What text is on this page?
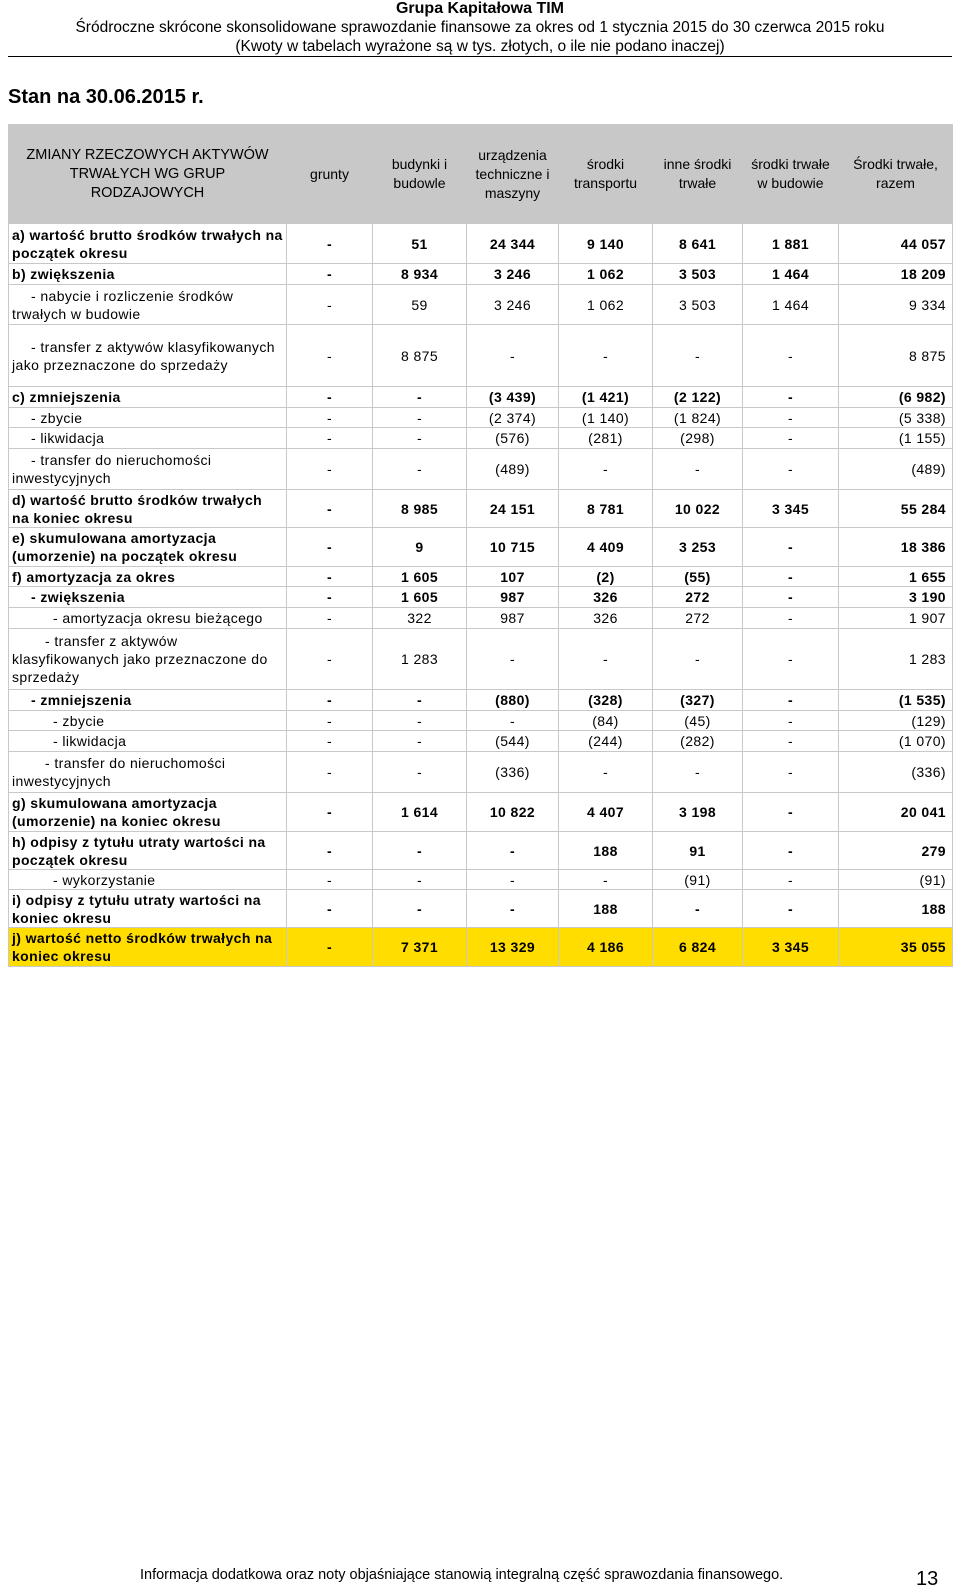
Grupa Kapitałowa TIM
Śródroczne skrócone skonsolidowane sprawozdanie finansowe za okres od 1 stycznia 2015 do 30 czerwca 2015 roku
(Kwoty w tabelach wyrażone są w tys. złotych, o ile nie podano inaczej)
Stan na 30.06.2015 r.
ZMIANY RZECZOWYCH AKTYWÓW TRWAŁYCH WG GRUP RODZAJOWYCH	grunty	budynki i budowle	urządzenia techniczne i maszyny	środki transportu	inne środki trwałe	środki trwałe w budowie	Środki trwałe, razem
a) wartość brutto środków trwałych na początek okresu	-	51	24 344	9 140	8 641	1 881	44 057
b) zwiększenia	-	8 934	3 246	1 062	3 503	1 464	18 209
- nabycie i rozliczenie środków trwałych w budowie	-	59	3 246	1 062	3 503	1 464	9 334
- transfer z aktywów klasyfikowanych jako przeznaczone do sprzedaży	-	8 875	-	-	-	-	8 875
c) zmniejszenia	-	-	(3 439)	(1 421)	(2 122)	-	(6 982)
- zbycie	-	-	(2 374)	(1 140)	(1 824)	-	(5 338)
- likwidacja	-	-	(576)	(281)	(298)	-	(1 155)
- transfer do nieruchomości inwestycyjnych	-	-	(489)	-	-	-	(489)
d) wartość brutto środków trwałych na koniec okresu	-	8 985	24 151	8 781	10 022	3 345	55 284
e) skumulowana amortyzacja (umorzenie) na początek okresu	-	9	10 715	4 409	3 253	-	18 386
f) amortyzacja za okres	-	1 605	107	(2)	(55)	-	1 655
- zwiększenia	-	1 605	987	326	272	-	3 190
- amortyzacja okresu bieżącego	-	322	987	326	272	-	1 907
- transfer z aktywów klasyfikowanych jako przeznaczone do sprzedaży	-	1 283	-	-	-	-	1 283
- zmniejszenia	-	-	(880)	(328)	(327)	-	(1 535)
- zbycie	-	-	-	(84)	(45)	-	(129)
- likwidacja	-	-	(544)	(244)	(282)	-	(1 070)
- transfer do nieruchomości inwestycyjnych	-	-	(336)	-	-	-	(336)
g) skumulowana amortyzacja (umorzenie) na koniec okresu	-	1 614	10 822	4 407	3 198	-	20 041
h) odpisy z tytułu utraty wartości na początek okresu	-	-	-	188	91	-	279
- wykorzystanie	-	-	-	-	(91)	-	(91)
i) odpisy z tytułu utraty wartości na koniec okresu	-	-	-	188	-	-	188
j) wartość netto środków trwałych na koniec okresu	-	7 371	13 329	4 186	6 824	3 345	35 055
Informacja dodatkowa oraz noty objaśniające stanowią integralną część sprawozdania finansowego.	13
